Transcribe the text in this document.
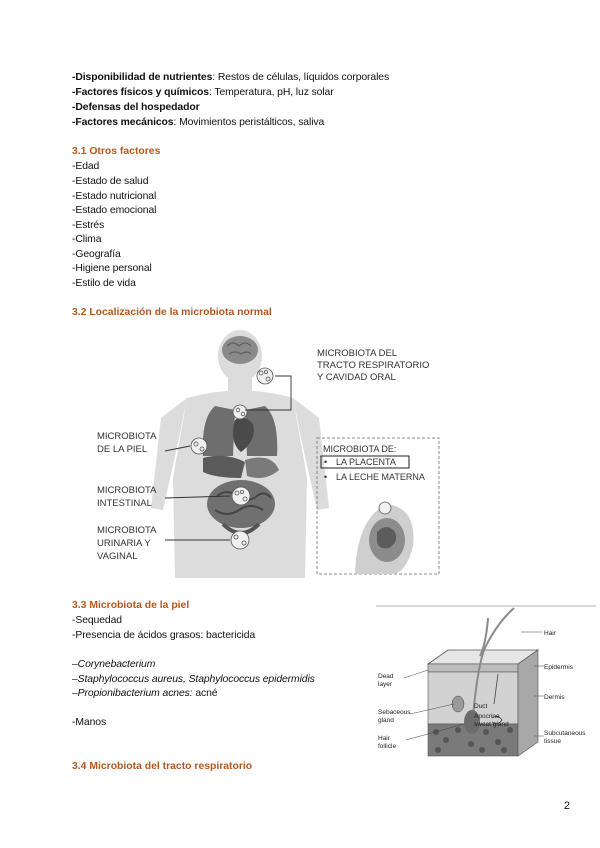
-Disponibilidad de nutrientes: Restos de células, líquidos corporales
-Factores físicos y químicos: Temperatura, pH, luz solar
-Defensas del hospedador
-Factores mecánicos: Movimientos peristálticos, saliva
3.1 Otros factores
-Edad
-Estado de salud
-Estado nutricional
-Estado emocional
-Estrés
-Clima
-Geografía
-Higiene personal
-Estilo de vida
3.2 Localización de la microbiota normal
MICROBIOTA DEL
TRACTO RESPIRATORIO
Y CAVIDAD ORAL
MICROBIOTA
DE LA PIEL
MICROBIOTA
INTESTINAL
MICROBIOTA
URINARIA Y
VAGINAL
MICROBIOTA DE:
• LA PLACENTA
• LA LECHE MATERNA
3.3 Microbiota de la piel
-Sequedad
-Presencia de ácidos grasos: bactericida
–Corynebacterium
–Staphylococcus aureus, Staphylococcus epidermidis
–Propionibacterium acnes: acné
-Manos
3.4 Microbiota del tracto respiratorio
Hair
Epidermis
Dermis
Subcutaneous
tissue
Dead
layer
Sebaceous
gland
Hair
follicle
Duct
Apocrine
sweat gland
2
